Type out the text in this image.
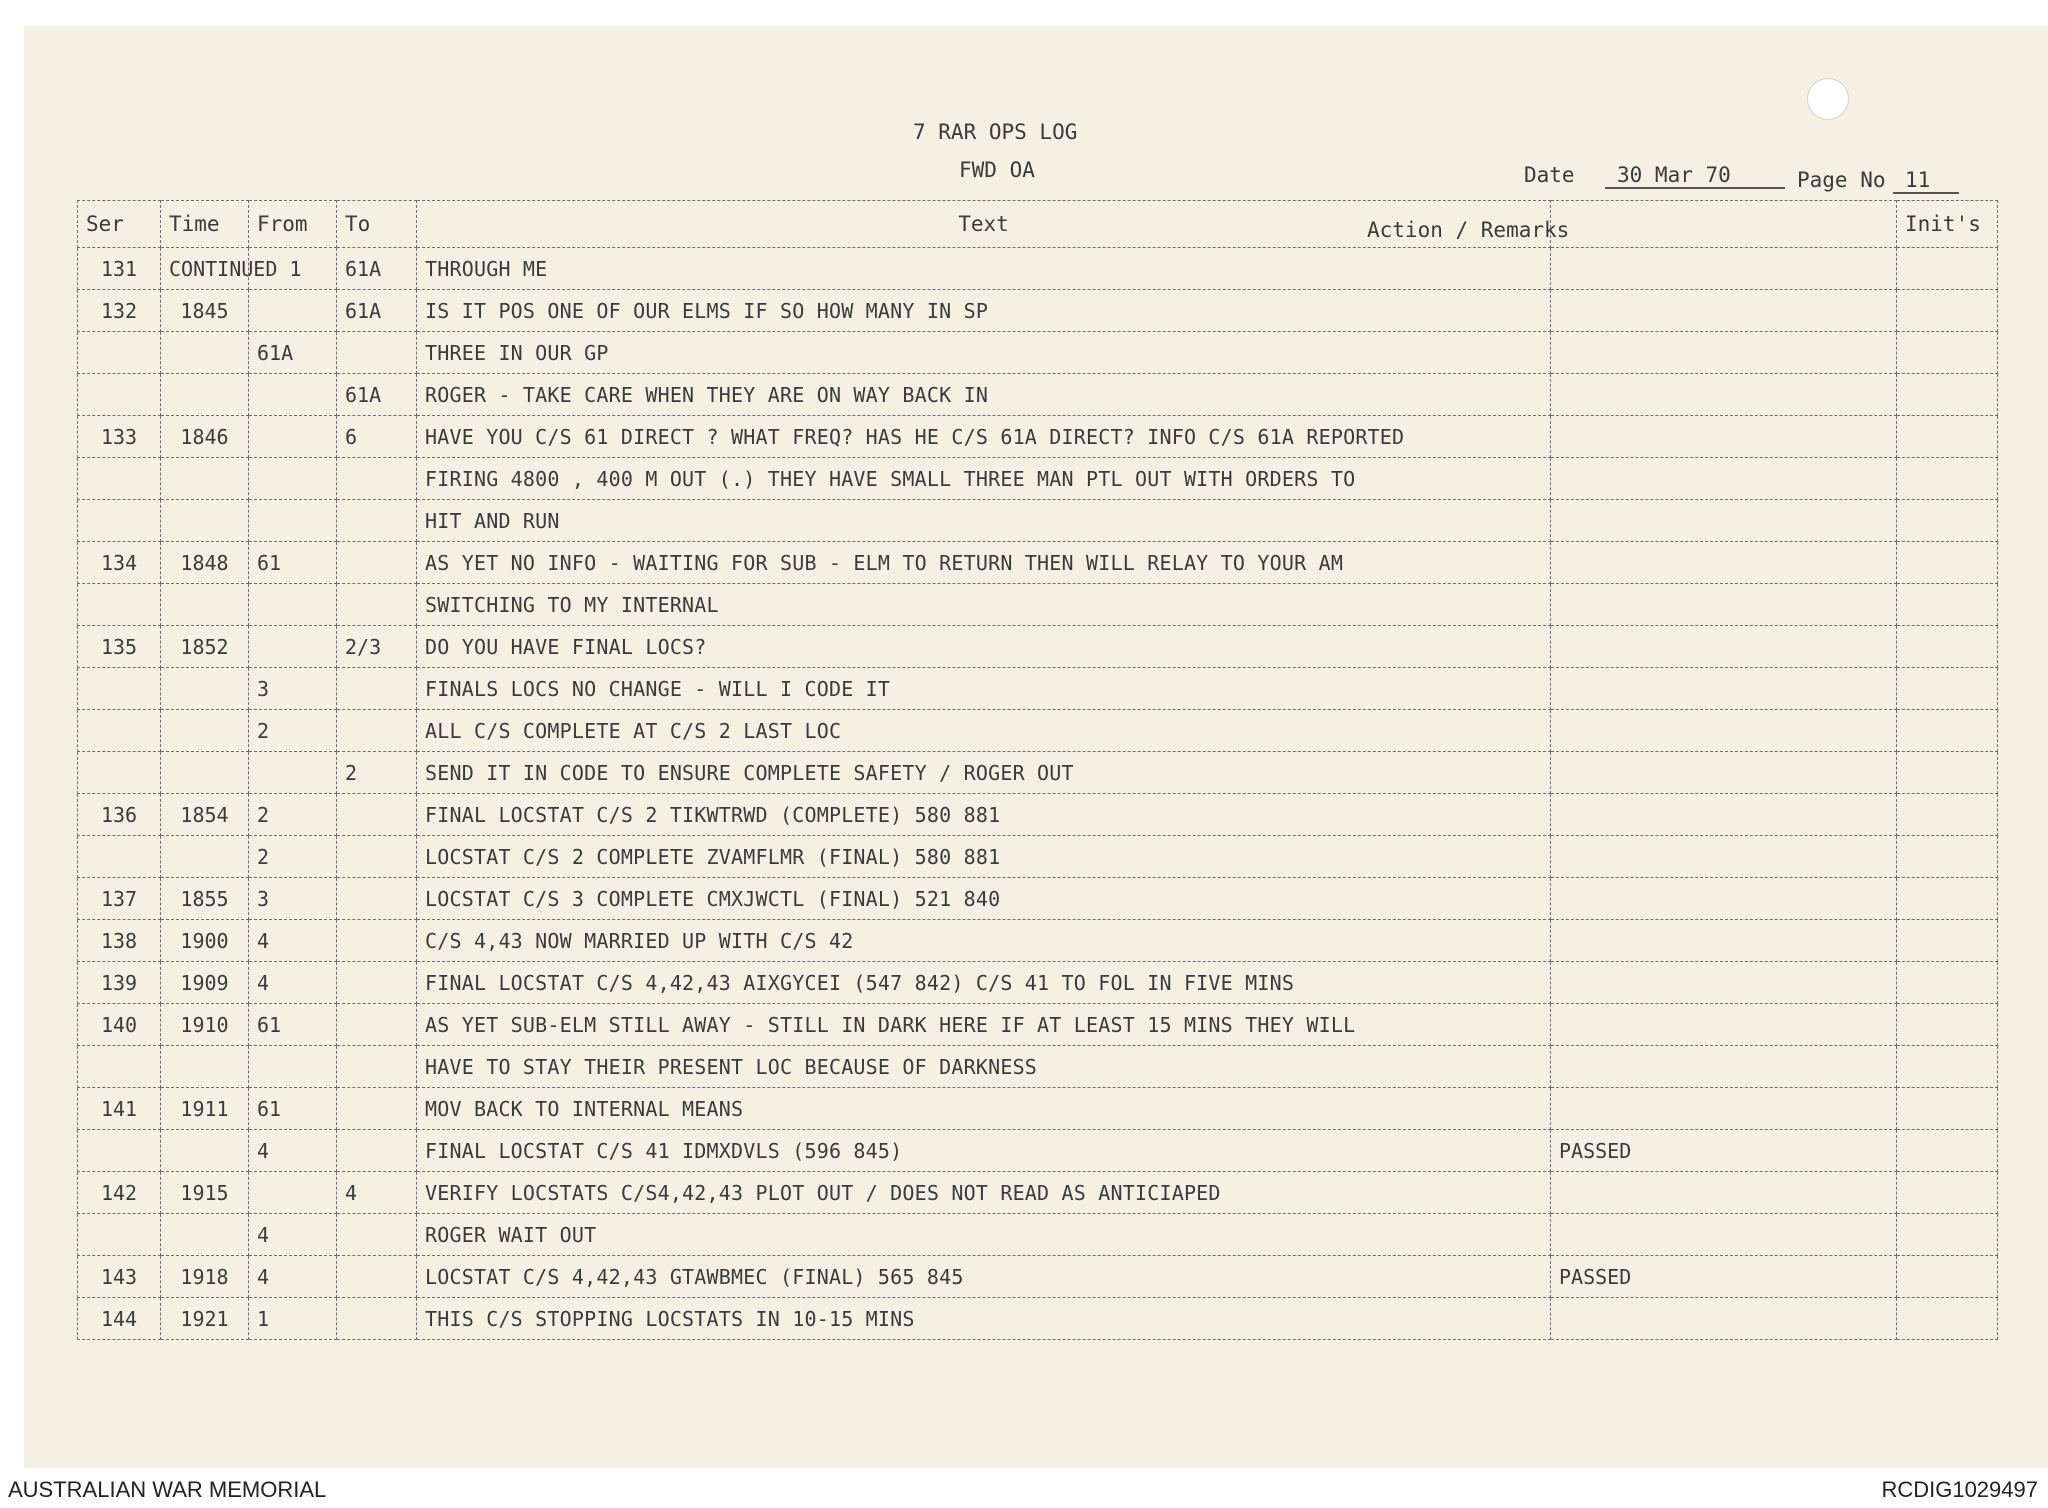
7 RAR OPS LOG
FWD OA	Date	30 Mar 70	Page No 11
Ser	Time	From	To	Text		Init's
131	CONTINUED 1		61A	THROUGH ME		
132	1845		61A	IS IT POS ONE OF OUR ELMS IF SO HOW MANY IN SP		
		61A		THREE IN OUR GP		
			61A	ROGER - TAKE CARE WHEN THEY ARE ON WAY BACK IN		
133	1846		6	HAVE YOU C/S 61 DIRECT ? WHAT FREQ? HAS HE C/S 61A DIRECT? INFO C/S 61A REPORTED		
				FIRING 4800 , 400 M OUT (.) THEY HAVE SMALL THREE MAN PTL OUT WITH ORDERS TO		
				HIT AND RUN		
134	1848	61		AS YET NO INFO - WAITING FOR SUB - ELM TO RETURN THEN WILL RELAY TO YOUR AM		
				SWITCHING TO MY INTERNAL		
135	1852		2/3	DO YOU HAVE FINAL LOCS?		
		3		FINALS LOCS NO CHANGE - WILL I CODE IT		
		2		ALL C/S COMPLETE AT C/S 2 LAST LOC		
			2	SEND IT IN CODE TO ENSURE COMPLETE SAFETY / ROGER OUT		
136	1854	2		FINAL LOCSTAT C/S 2 TIKWTRWD (COMPLETE) 580 881		
		2		LOCSTAT C/S 2 COMPLETE ZVAMFLMR (FINAL) 580 881		
137	1855	3		LOCSTAT C/S 3 COMPLETE CMXJWCTL (FINAL) 521 840		
138	1900	4		C/S 4,43 NOW MARRIED UP WITH C/S 42		
139	1909	4		FINAL LOCSTAT C/S 4,42,43 AIXGYCEI (547 842) C/S 41 TO FOL IN FIVE MINS		
140	1910	61		AS YET SUB-ELM STILL AWAY - STILL IN DARK HERE IF AT LEAST 15 MINS THEY WILL		
				HAVE TO STAY THEIR PRESENT LOC BECAUSE OF DARKNESS		
141	1911	61		MOV BACK TO INTERNAL MEANS		
		4		FINAL LOCSTAT C/S 41 IDMXDVLS (596 845)	PASSED	
142	1915		4	VERIFY LOCSTATS C/S4,42,43 PLOT OUT / DOES NOT READ AS ANTICIAPED		
		4		ROGER WAIT OUT		
143	1918	4		LOCSTAT C/S 4,42,43 GTAWBMEC (FINAL) 565 845	PASSED	
144	1921	1		THIS C/S STOPPING LOCSTATS IN 10-15 MINS		
Action / Remarks
AUSTRALIAN WAR MEMORIAL	RCDIG1029497
